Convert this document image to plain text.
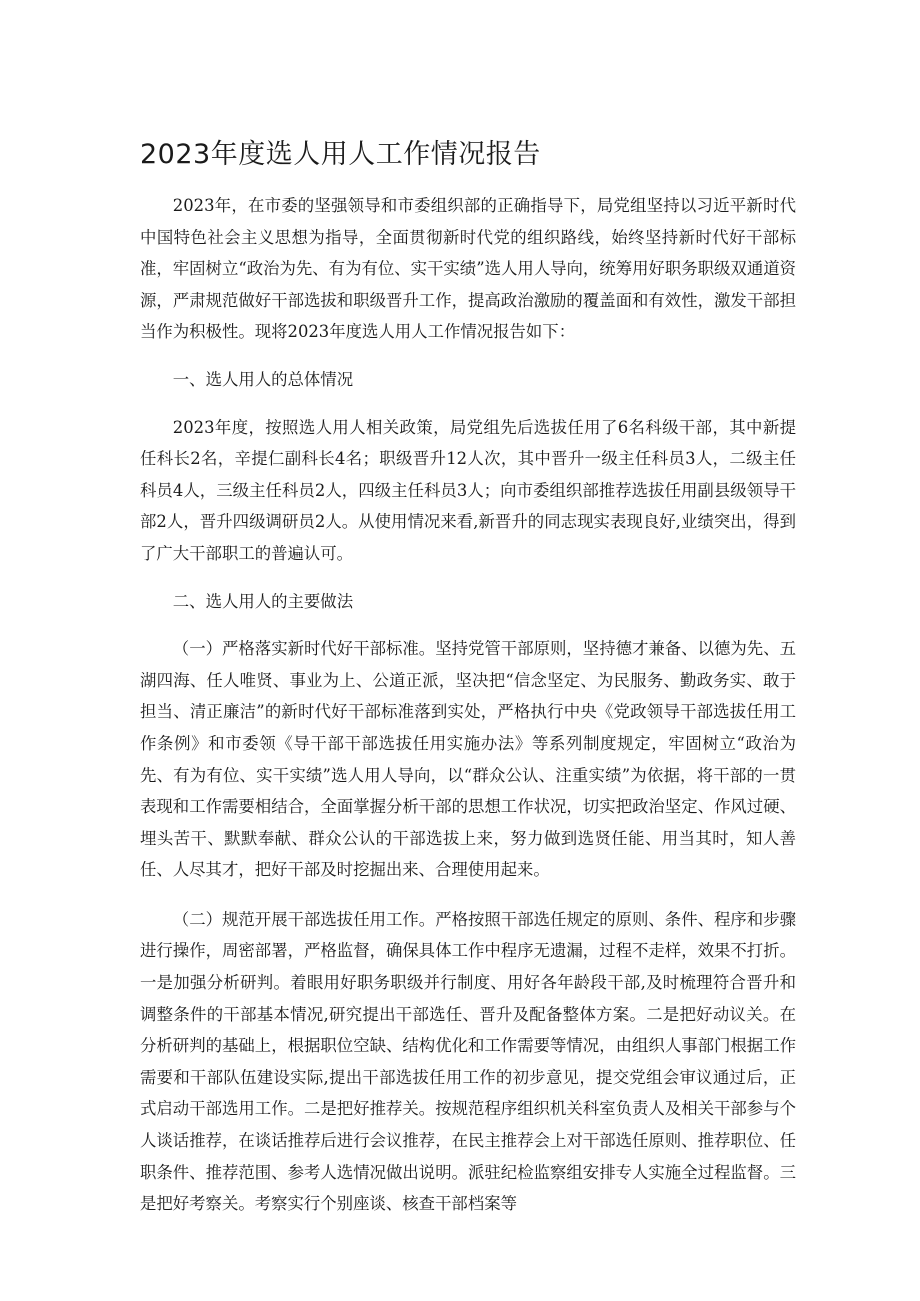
2023年度选人用人工作情况报告

2023年，在市委的坚强领导和市委组织部的正确指导下，局党组坚持以习近平新时代中国特色社会主义思想为指导，全面贯彻新时代党的组织路线，始终坚持新时代好干部标准，牢固树立“政治为先、有为有位、实干实绩”选人用人导向，统筹用好职务职级双通道资源，严肃规范做好干部选拔和职级晋升工作，提高政治激励的覆盖面和有效性，激发干部担当作为积极性。现将2023年度选人用人工作情况报告如下：

一、选人用人的总体情况

2023年度，按照选人用人相关政策，局党组先后选拔任用了6名科级干部，其中新提任科长2名，辛提仁副科长4名；职级晋升12人次，其中晋升一级主任科员3人，二级主任科员4人，三级主任科员2人，四级主任科员3人；向市委组织部推荐选拔任用副县级领导干部2人，晋升四级调研员2人。从使用情况来看,新晋升的同志现实表现良好,业绩突出，得到了广大干部职工的普遍认可。

二、选人用人的主要做法

（一）严格落实新时代好干部标准。坚持党管干部原则，坚持德才兼备、以德为先、五湖四海、任人唯贤、事业为上、公道正派，坚决把“信念坚定、为民服务、勤政务实、敢于担当、清正廉洁”的新时代好干部标准落到实处，严格执行中央《党政领导干部选拔任用工作条例》和市委领《导干部干部选拔任用实施办法》等系列制度规定，牢固树立“政治为先、有为有位、实干实绩”选人用人导向，以“群众公认、注重实绩”为依据，将干部的一贯表现和工作需要相结合，全面掌握分析干部的思想工作状况，切实把政治坚定、作风过硬、埋头苦干、默默奉献、群众公认的干部选拔上来，努力做到选贤任能、用当其时，知人善任、人尽其才，把好干部及时挖掘出来、合理使用起来。

（二）规范开展干部选拔任用工作。严格按照干部选任规定的原则、条件、程序和步骤进行操作，周密部署，严格监督，确保具体工作中程序无遗漏，过程不走样，效果不打折。一是加强分析研判。着眼用好职务职级并行制度、用好各年龄段干部,及时梳理符合晋升和调整条件的干部基本情况,研究提出干部选任、晋升及配备整体方案。二是把好动议关。在分析研判的基础上，根据职位空缺、结构优化和工作需要等情况，由组织人事部门根据工作需要和干部队伍建设实际,提出干部选拔任用工作的初步意见，提交党组会审议通过后，正式启动干部选用工作。二是把好推荐关。按规范程序组织机关科室负责人及相关干部参与个人谈话推荐，在谈话推荐后进行会议推荐，在民主推荐会上对干部选任原则、推荐职位、任职条件、推荐范围、参考人选情况做出说明。派驻纪检监察组安排专人实施全过程监督。三是把好考察关。考察实行个别座谈、核查干部档案等
